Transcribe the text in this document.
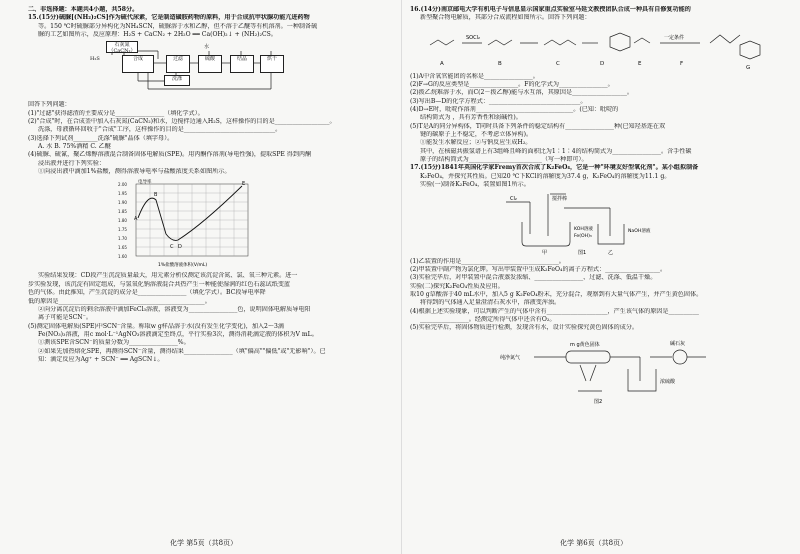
二、非选择题：本题共4小题，共58分。

15.(15分)硫脲[(NH₂)₂CS]作为硫代尿素，它是制造磺胺药物的原料，用于合成抗甲状腺功能亢进药物

等。150 ℃时硫脲部分异构化为NH₄SCN，硫脲溶于水和乙醇，但不溶于乙醚等有机溶剂。一种制备硫

脲的工艺如图所示，反应原理：H₂S + CaCN₂ + 2H₂O ══ Ca(OH)₂↓ + (NH₂)₂CS。

石灰氮（CaCN₂）
合成	过滤	硫酸	结晶	烘干
洗涤
H₂S
水

回答下列问题：

(1)"过滤"获得滤渣的主要成分是________________（填化学式）。

(2)"合成"时，在合成釜中加入石灰氮(CaCN₂)和水，边搅拌边通入H₂S，这样操作的目的是__________________。

洗涤，母液循环回收于"合成"工序，这样操作的目的是______________________________。

(3)选择下列试剂________洗涤"硫脲"晶体（填字母）。

A. 水 B. 75%酒精 C. 乙醚

(4)硫脲、硫氰，聚乙烯醇溶液混合制备固体电解质(SPE)。用丙酮作溶剂(导电性强)，提取SPE 得到丙酮

浸出液并进行下列实验：

①向浸出液中滴加1%盐酸，测得溶液导电率与盐酸浓度关系如图所示。

A
B
C D
E
2.00
1.95
1.90
1.85
1.80
1.75
1.70
1.65
1.60
电导率
1%盐酸溶液体积(V/mL)

实验结果发现：CD段产生沉淀质量最大，用元素分析仪测定该沉淀含氮、氯、氧三种元素。进一

步实验发现，该沉淀有固定组成，与氢氧化钠溶液混合共热产生一种能使湿润的红色石蕊试纸变蓝

色的气体。由此推知，产生沉淀的成分是________________（填化学式）。BC段导电率降

低的原因是________________________________________________。

②向分离沉淀后的剩余溶液中滴加FeCl₃溶液，溶液变为________________色，说明固体电解质导电阳

离子可能是SCN⁻。

(5)测定固体电解质(SPE)中SCN⁻含量。称取w g样品溶于水(没有发生化学变化)，加入2～3滴

Fe(NO₃)₃溶液，用c mol·L⁻¹AgNO₃溶液滴定至终点，平行实验3次，测得消耗滴定液的体积为V mL。

①测该SPE含SCN⁻的质量分数为________________%。

②如果先加热熔化SPE，再测得SCN⁻含量，测得结果________________（填"偏高""偏低"或"无影响"）。已

知：滴定反应为Ag⁺ + SCN⁻ ══ AgSCN↓。

化学 第5页（共8页）

16.(14分)南京邮电大学有机电子与信息显示国家重点实验室马延文教授团队合成一种具有自修复功能的

新型聚合物电解质，其部分合成流程如图所示。回答下列问题：

SOCl₂	一定条件
A	B	C	D	E	F
G

(1)A中含氧官能团的名称是________________。

(2)F→G的反应类型是________________。F的化学式为________________。

(2)拨乙烷难溶于水，而C(2－拨乙醇)能与水互溶，其原因是__________________。

(3)写出B—D的化学方程式：______________________________。

(4)D→E时，吡啶作溶剂________________________________。(已知：吡啶的

结构简式为 ，具有芳香性和弱碱性)。

(5)T是A的同分异构体，T同时具备下列条件的稳定结构有________________种(已知羟基连在双

键的碳原子上不稳定，不考虑立体异构)。

①能发生水解反应；②与钠反应生成H₂。

其中，在核磁共振氢谱上有3组峰且峰的面积比为1∶1∶4的结构简式为________________。含手性碳

原子的结构简式为________________________（写一种即可）。

17.(15分)1841年英国化学家Fremy首次合成了K₂FeO₄，它是一种"环境友好型氧化剂"。某小组拟制备

K₂FeO₄，并探究其性质。已知20 ℃下KCl的溶解度为37.4 g，K₂FeO₄的溶解度为11.1 g。

实验(一)制备K₂FeO₄，装置如图1所示。

Cl₂	搅拌棒
KOH溶液
Fe(OH)₃
NaOH溶液
甲	乙
图1

(1)乙装置的作用是________________________________。

(2)甲装置中副产物为氯化钾。写出甲装置中生成K₂FeO₄的离子方程式：__________________。

(3)实验完毕后，对甲装置中混合液蒸发浓缩、________________、过滤、洗涤、低温干燥。

实验(二)探究K₂FeO₄性质及应用。

取10 g草酸溶于40 mL水中，加入5 g K₂FeO₄粉末，充分混合，观察到有大量气体产生，并产生黄色固体。

将得到的气体通入足量澄清石灰水中，溶液变浑浊。

(4)根据上述实验现象，可以判断产生的气体中含有____________________，产生该气体的原因是__________

________________。经测定所得气体中还含有O₂。

(5)实验完毕后，将固体物质进行检测，发现含有水，设计实验探究黄色固体的成分。

纯净氮气
m g黄色固体	碱石灰
浓硫酸
图2
化学 第6页（共8页）
